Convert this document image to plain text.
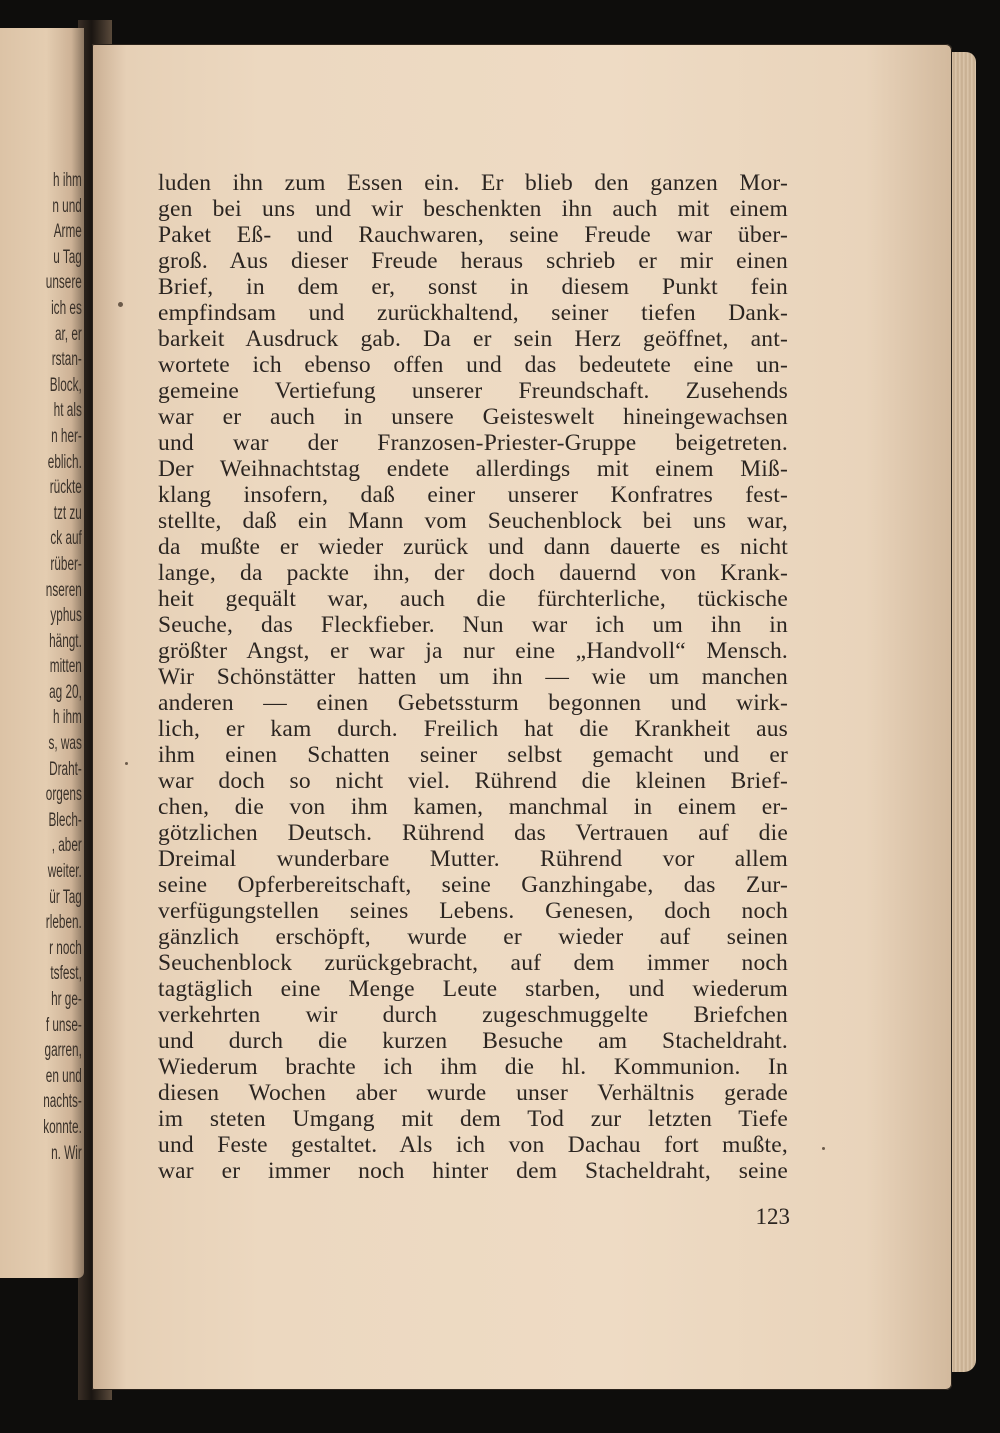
h ihm
n und
Arme
u Tag
unsere
ich es
ar, er
rstan-
Block,
ht als
n her-
eblich.
rückte
tzt zu
ck auf
rüber-
nseren
yphus
hängt.
mitten
ag 20,
h ihm
s, was
Draht-
orgens
Blech-
, aber
weiter.
ür Tag
rleben.
r noch
tsfest,
hr ge-
f unse-
garren,
en und
nachts-
konnte.
n. Wir
luden ihn zum Essen ein. Er blieb den ganzen Mor-
gen bei uns und wir beschenkten ihn auch mit einem
Paket Eß- und Rauchwaren, seine Freude war über-
groß. Aus dieser Freude heraus schrieb er mir einen
Brief, in dem er, sonst in diesem Punkt fein
empfindsam und zurückhaltend, seiner tiefen Dank-
barkeit Ausdruck gab. Da er sein Herz geöffnet, ant-
wortete ich ebenso offen und das bedeutete eine un-
gemeine Vertiefung unserer Freundschaft. Zusehends
war er auch in unsere Geisteswelt hineingewachsen
und war der Franzosen-Priester-Gruppe beigetreten.
Der Weihnachtstag endete allerdings mit einem Miß-
klang insofern, daß einer unserer Konfratres fest-
stellte, daß ein Mann vom Seuchenblock bei uns war,
da mußte er wieder zurück und dann dauerte es nicht
lange, da packte ihn, der doch dauernd von Krank-
heit gequält war, auch die fürchterliche, tückische
Seuche, das Fleckfieber. Nun war ich um ihn in
größter Angst, er war ja nur eine „Handvoll“ Mensch.
Wir Schönstätter hatten um ihn — wie um manchen
anderen — einen Gebetssturm begonnen und wirk-
lich, er kam durch. Freilich hat die Krankheit aus
ihm einen Schatten seiner selbst gemacht und er
war doch so nicht viel. Rührend die kleinen Brief-
chen, die von ihm kamen, manchmal in einem er-
götzlichen Deutsch. Rührend das Vertrauen auf die
Dreimal wunderbare Mutter. Rührend vor allem
seine Opferbereitschaft, seine Ganzhingabe, das Zur-
verfügungstellen seines Lebens. Genesen, doch noch
gänzlich erschöpft, wurde er wieder auf seinen
Seuchenblock zurückgebracht, auf dem immer noch
tagtäglich eine Menge Leute starben, und wiederum
verkehrten wir durch zugeschmuggelte Briefchen
und durch die kurzen Besuche am Stacheldraht.
Wiederum brachte ich ihm die hl. Kommunion. In
diesen Wochen aber wurde unser Verhältnis gerade
im steten Umgang mit dem Tod zur letzten Tiefe
und Feste gestaltet. Als ich von Dachau fort mußte,
war er immer noch hinter dem Stacheldraht, seine
123
